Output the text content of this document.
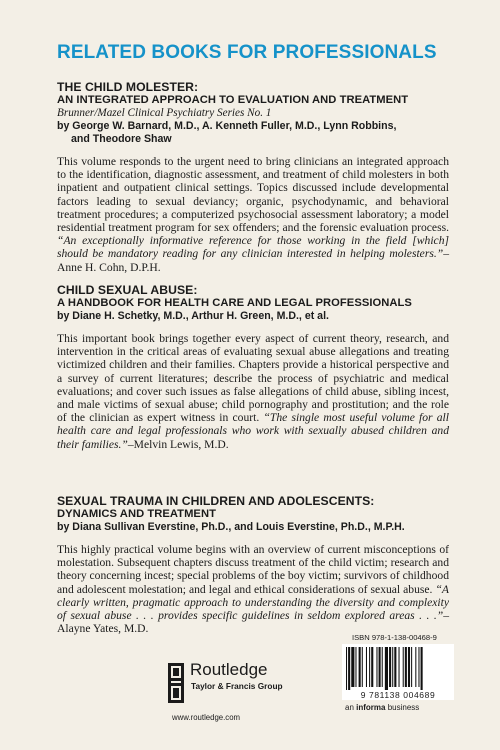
RELATED BOOKS FOR PROFESSIONALS
THE CHILD MOLESTER:
AN INTEGRATED APPROACH TO EVALUATION AND TREATMENT
Brunner/Mazel Clinical Psychiatry Series No. 1
by George W. Barnard, M.D., A. Kenneth Fuller, M.D., Lynn Robbins,
and Theodore Shaw
This volume responds to the urgent need to bring clinicians an integrated approach to the identification, diagnostic assessment, and treatment of child molesters in both inpatient and outpatient clinical settings. Topics discussed include developmental factors leading to sexual deviancy; organic, psychodynamic, and behavioral treatment procedures; a computerized psychosocial assessment laboratory; a model residential treatment program for sex offenders; and the forensic evaluation process. “An exceptionally informative reference for those working in the field [which] should be mandatory reading for any clinician interested in helping molesters.”–Anne H. Cohn, D.P.H.
CHILD SEXUAL ABUSE:
A HANDBOOK FOR HEALTH CARE AND LEGAL PROFESSIONALS
by Diane H. Schetky, M.D., Arthur H. Green, M.D., et al.
This important book brings together every aspect of current theory, research, and intervention in the critical areas of evaluating sexual abuse allegations and treating victimized children and their families. Chapters provide a historical perspective and a survey of current literatures; describe the process of psychiatric and medical evaluations; and cover such issues as false allegations of child abuse, sibling incest, and male victims of sexual abuse; child pornography and prostitution; and the role of the clinician as expert witness in court. “The single most useful volume for all health care and legal professionals who work with sexually abused children and their families.”–Melvin Lewis, M.D.
SEXUAL TRAUMA IN CHILDREN AND ADOLESCENTS:
DYNAMICS AND TREATMENT
by Diana Sullivan Everstine, Ph.D., and Louis Everstine, Ph.D., M.P.H.
This highly practical volume begins with an overview of current misconceptions of molestation. Subsequent chapters discuss treatment of the child victim; research and theory concerning incest; special problems of the boy victim; survivors of childhood and adolescent molestation; and legal and ethical considerations of sexual abuse. “A clearly written, pragmatic approach to understanding the diversity and complexity of sexual abuse . . . provides specific guidelines in seldom explored areas . . .”–Alayne Yates, M.D.
ISBN 978-1-138-00468-9
9 781138 004689
an informa business
Routledge
Taylor & Francis Group
www.routledge.com
